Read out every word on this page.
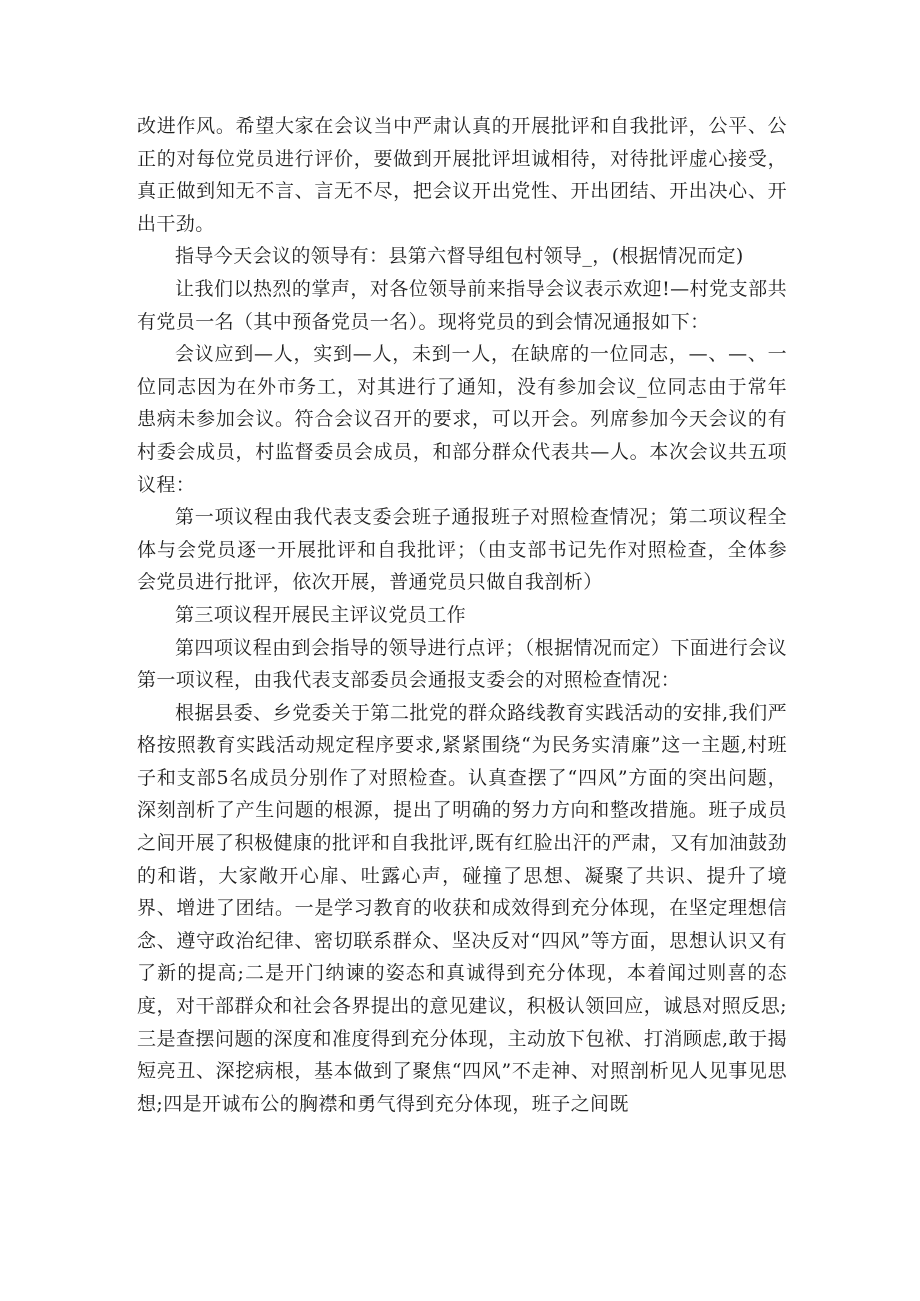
改进作风。希望大家在会议当中严肃认真的开展批评和自我批评，公平、公正的对每位党员进行评价，要做到开展批评坦诚相待，对待批评虚心接受，真正做到知无不言、言无不尽，把会议开出党性、开出团结、开出决心、开出干劲。

指导今天会议的领导有：县第六督导组包村领导_，(根据情况而定)

让我们以热烈的掌声，对各位领导前来指导会议表示欢迎!—村党支部共有党员一名（其中预备党员一名）。现将党员的到会情况通报如下：

会议应到—人，实到—人，未到一人，在缺席的一位同志，—、—、一位同志因为在外市务工，对其进行了通知，没有参加会议_位同志由于常年患病未参加会议。符合会议召开的要求，可以开会。列席参加今天会议的有村委会成员，村监督委员会成员，和部分群众代表共—人。本次会议共五项议程：

第一项议程由我代表支委会班子通报班子对照检查情况；第二项议程全体与会党员逐一开展批评和自我批评；（由支部书记先作对照检查，全体参会党员进行批评，依次开展，普通党员只做自我剖析）

第三项议程开展民主评议党员工作

第四项议程由到会指导的领导进行点评；（根据情况而定）下面进行会议第一项议程，由我代表支部委员会通报支委会的对照检查情况：

根据县委、乡党委关于第二批党的群众路线教育实践活动的安排,我们严格按照教育实践活动规定程序要求,紧紧围绕“为民务实清廉”这一主题,村班子和支部5名成员分别作了对照检查。认真查摆了“四风”方面的突出问题，深刻剖析了产生问题的根源，提出了明确的努力方向和整改措施。班子成员之间开展了积极健康的批评和自我批评,既有红脸出汗的严肃，又有加油鼓劲的和谐，大家敞开心扉、吐露心声，碰撞了思想、凝聚了共识、提升了境界、增进了团结。一是学习教育的收获和成效得到充分体现，在坚定理想信念、遵守政治纪律、密切联系群众、坚决反对“四风”等方面，思想认识又有了新的提高;二是开门纳谏的姿态和真诚得到充分体现，本着闻过则喜的态度，对干部群众和社会各界提出的意见建议，积极认领回应，诚恳对照反思;三是查摆问题的深度和准度得到充分体现，主动放下包袱、打消顾虑,敢于揭短亮丑、深挖病根，基本做到了聚焦“四风”不走神、对照剖析见人见事见思想;四是开诚布公的胸襟和勇气得到充分体现，班子之间既
